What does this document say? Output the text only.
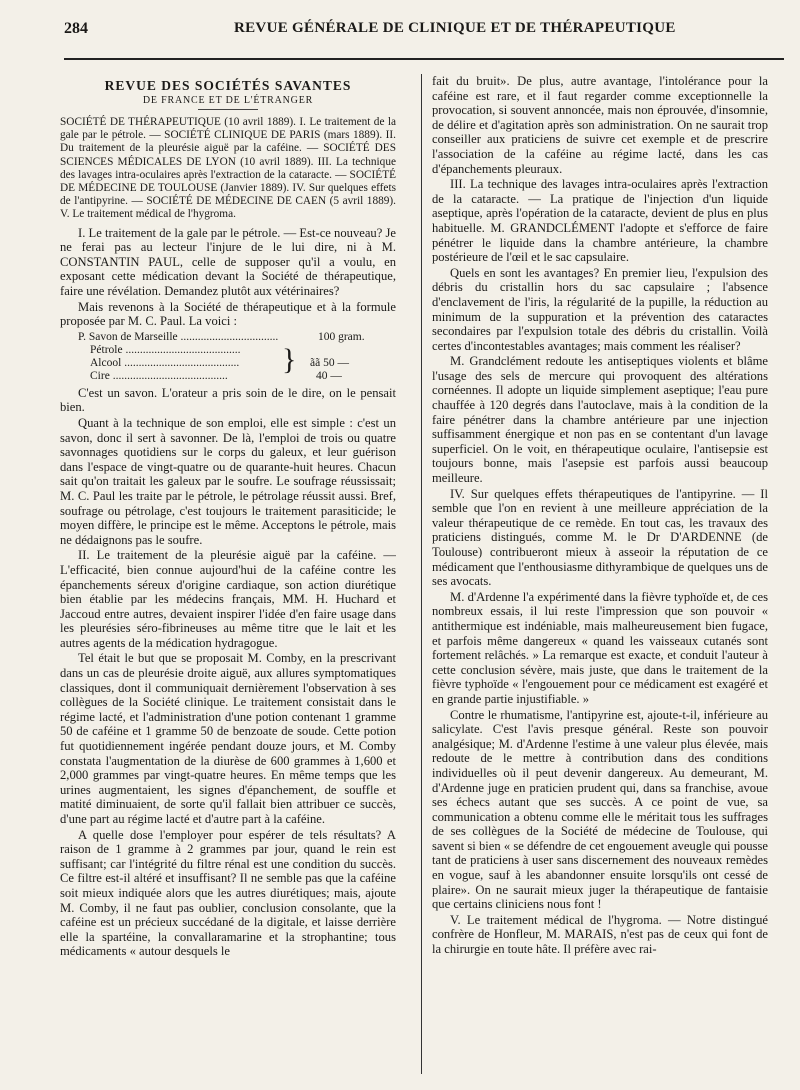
284	REVUE GÉNÉRALE DE CLINIQUE ET DE THÉRAPEUTIQUE
REVUE DES SOCIÉTÉS SAVANTES
DE FRANCE ET DE L'ÉTRANGER

SOCIÉTÉ DE THÉRAPEUTIQUE (10 avril 1889). I. Le traitement de la gale par le pétrole. — SOCIÉTÉ CLINIQUE DE PARIS (mars 1889). II. Du traitement de la pleurésie aiguë par la caféine. — SOCIÉTÉ DES SCIENCES MÉDICALES DE LYON (10 avril 1889). III. La technique des lavages intra-oculaires après l'extraction de la cataracte. — SOCIÉTÉ DE MÉDECINE DE TOULOUSE (Janvier 1889). IV. Sur quelques effets de l'antipyrine. — SOCIÉTÉ DE MÉDECINE DE CAEN (5 avril 1889). V. Le traitement médical de l'hygroma.

I. Le traitement de la gale par le pétrole. — Est-ce nouveau? Je ne ferai pas au lecteur l'injure de le lui dire, ni à M. CONSTANTIN PAUL, celle de supposer qu'il a voulu, en exposant cette médication devant la Société de thérapeutique, faire une révélation. Demandez plutôt aux vétérinaires?

Mais revenons à la Société de thérapeutique et à la formule proposée par M. C. Paul. La voici :

P. Savon de Marseille .....	100 gram.
Pétrole .....
Alcool .....	ãã 50 —
Cire .....	40 —
}

C'est un savon. L'orateur a pris soin de le dire, on le pensait bien.

Quant à la technique de son emploi, elle est simple : c'est un savon, donc il sert à savonner. De là, l'emploi de trois ou quatre savonnages quotidiens sur le corps du galeux, et leur guérison dans l'espace de vingt-quatre ou de quarante-huit heures. Chacun sait qu'on traitait les galeux par le soufre. Le soufrage réussissait; M. C. Paul les traite par le pétrole, le pétrolage réussit aussi. Bref, soufrage ou pétrolage, c'est toujours le traitement parasiticide; le moyen diffère, le principe est le même. Acceptons le pétrole, mais ne dédaignons pas le soufre.

II. Le traitement de la pleurésie aiguë par la caféine. — L'efficacité, bien connue aujourd'hui de la caféine contre les épanchements séreux d'origine cardiaque, son action diurétique bien établie par les médecins français, MM. H. Huchard et Jaccoud entre autres, devaient inspirer l'idée d'en faire usage dans les pleurésies séro-fibrineuses au même titre que le lait et les autres agents de la médication hydragogue.

Tel était le but que se proposait M. Comby, en la prescrivant dans un cas de pleurésie droite aiguë, aux allures symptomatiques classiques, dont il communiquait dernièrement l'observation à ses collègues de la Société clinique. Le traitement consistait dans le régime lacté, et l'administration d'une potion contenant 1 gramme 50 de caféine et 1 gramme 50 de benzoate de soude. Cette potion fut quotidiennement ingérée pendant douze jours, et M. Comby constata l'augmentation de la diurèse de 600 grammes à 1,600 et 2,000 grammes par vingt-quatre heures. En même temps que les urines augmentaient, les signes d'épanchement, de souffle et matité diminuaient, de sorte qu'il fallait bien attribuer ce succès, d'une part au régime lacté et d'autre part à la caféine.

A quelle dose l'employer pour espérer de tels résultats? A raison de 1 gramme à 2 grammes par jour, quand le rein est suffisant; car l'intégrité du filtre rénal est une condition du succès. Ce filtre est-il altéré et insuffisant? Il ne semble pas que la caféine soit mieux indiquée alors que les autres diurétiques; mais, ajoute M. Comby, il ne faut pas oublier, conclusion consolante, que la caféine est un précieux succédané de la digitale, et laisse derrière elle la spartéine, la convallaramarine et la strophantine; tous médicaments « autour desquels le

fait du bruit». De plus, autre avantage, l'intolérance pour la caféine est rare, et il faut regarder comme exceptionnelle la provocation, si souvent annoncée, mais non éprouvée, d'insomnie, de délire et d'agitation après son administration. On ne saurait trop conseiller aux praticiens de suivre cet exemple et de prescrire l'association de la caféine au régime lacté, dans les cas d'épanchements pleuraux.

III. La technique des lavages intra-oculaires après l'extraction de la cataracte. — La pratique de l'injection d'un liquide aseptique, après l'opération de la cataracte, devient de plus en plus habituelle. M. GRANDCLÉMENT l'adopte et s'efforce de faire pénétrer le liquide dans la chambre antérieure, la chambre postérieure de l'œil et le sac capsulaire.

Quels en sont les avantages? En premier lieu, l'expulsion des débris du cristallin hors du sac capsulaire ; l'absence d'enclavement de l'iris, la régularité de la pupille, la réduction au minimum de la suppuration et la prévention des cataractes secondaires par l'expulsion totale des débris du cristallin. Voilà certes d'incontestables avantages; mais comment les réaliser?

M. Grandclément redoute les antiseptiques violents et blâme l'usage des sels de mercure qui provoquent des altérations cornéennes. Il adopte un liquide simplement aseptique; l'eau pure chauffée à 120 degrés dans l'autoclave, mais à la condition de la faire pénétrer dans la chambre antérieure par une injection suffisamment énergique et non pas en se contentant d'un lavage superficiel. On le voit, en thérapeutique oculaire, l'antisepsie est toujours bonne, mais l'asepsie est parfois aussi beaucoup meilleure.

IV. Sur quelques effets thérapeutiques de l'antipyrine. — Il semble que l'on en revient à une meilleure appréciation de la valeur thérapeutique de ce remède. En tout cas, les travaux des praticiens distingués, comme M. le Dr D'ARDENNE (de Toulouse) contribueront mieux à asseoir la réputation de ce médicament que l'enthousiasme dithyrambique de quelques uns de ses avocats.

M. d'Ardenne l'a expérimenté dans la fièvre typhoïde et, de ces nombreux essais, il lui reste l'impression que son pouvoir « antithermique est indéniable, mais malheureusement bien fugace, et parfois même dangereux « quand les vaisseaux cutanés sont fortement relâchés. » La remarque est exacte, et conduit l'auteur à cette conclusion sévère, mais juste, que dans le traitement de la fièvre typhoïde « l'engouement pour ce médicament est exagéré et en grande partie injustifiable. »

Contre le rhumatisme, l'antipyrine est, ajoute-t-il, inférieure au salicylate. C'est l'avis presque général. Reste son pouvoir analgésique; M. d'Ardenne l'estime à une valeur plus élevée, mais redoute de le mettre à contribution dans des conditions individuelles où il peut devenir dangereux. Au demeurant, M. d'Ardenne juge en praticien prudent qui, dans sa franchise, avoue ses échecs autant que ses succès. A ce point de vue, sa communication a obtenu comme elle le méritait tous les suffrages de ses collègues de la Société de médecine de Toulouse, qui savent si bien « se défendre de cet engouement aveugle qui pousse tant de praticiens à user sans discernement des nouveaux remèdes en vogue, sauf à les abandonner ensuite lorsqu'ils ont cessé de plaire». On ne saurait mieux juger la thérapeutique de fantaisie que certains cliniciens nous font !

V. Le traitement médical de l'hygroma. — Notre distingué confrère de Honfleur, M. MARAIS, n'est pas de ceux qui font de la chirurgie en toute hâte. Il préfère avec rai-
